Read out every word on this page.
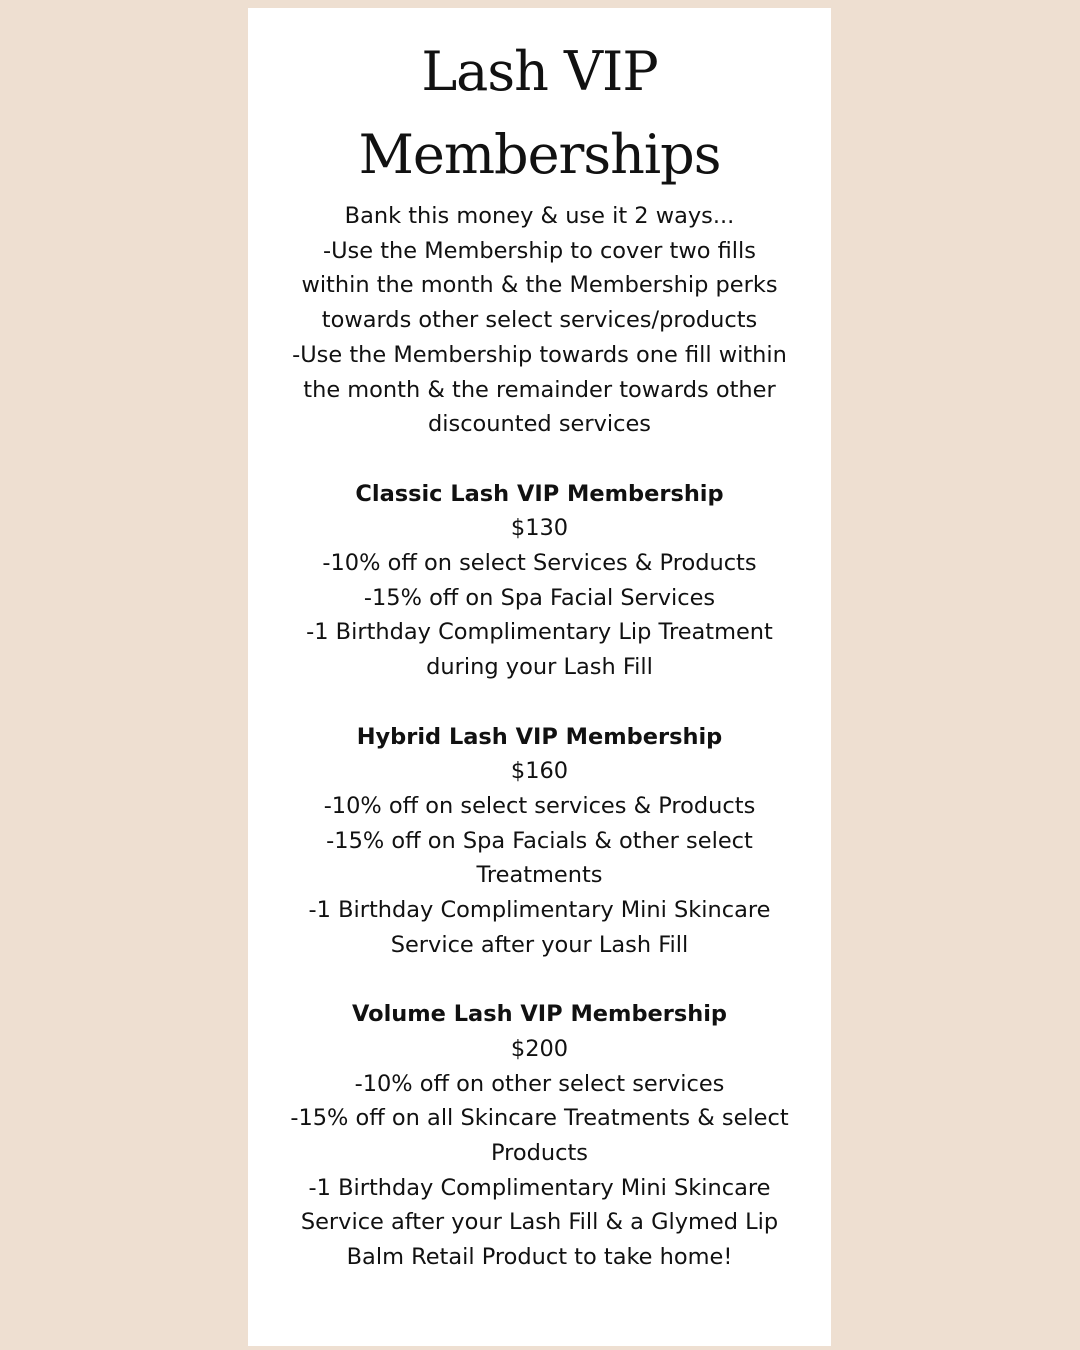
Lash VIP
Memberships
Bank this money & use it 2 ways...
-Use the Membership to cover two fills
within the month & the Membership perks
towards other select services/products
-Use the Membership towards one fill within
the month & the remainder towards other
discounted services
Classic Lash VIP Membership
$130
-10% off on select Services & Products
-15% off on Spa Facial Services
-1 Birthday Complimentary Lip Treatment
during your Lash Fill
Hybrid Lash VIP Membership
$160
-10% off on select services & Products
-15% off on Spa Facials & other select
Treatments
-1 Birthday Complimentary Mini Skincare
Service after your Lash Fill
Volume Lash VIP Membership
$200
-10% off on other select services
-15% off on all Skincare Treatments & select
Products
-1 Birthday Complimentary Mini Skincare
Service after your Lash Fill & a Glymed Lip
Balm Retail Product to take home!
